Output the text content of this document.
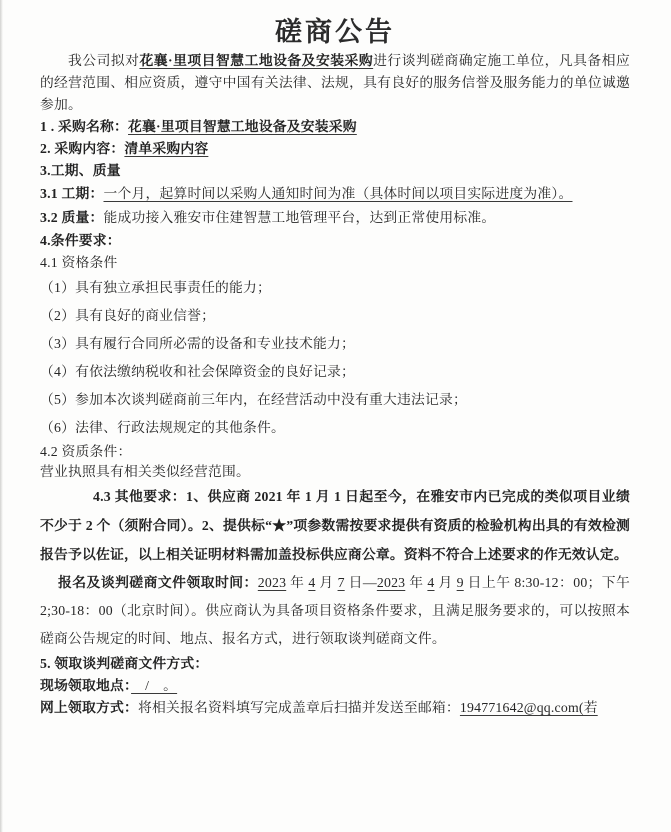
磋商公告

我公司拟对花襄·里项目智慧工地设备及安装采购进行谈判磋商确定施工单位，凡具备相应的经营范围、相应资质，遵守中国有关法律、法规，具有良好的服务信誉及服务能力的单位诚邀参加。

1 . 采购名称：花襄·里项目智慧工地设备及安装采购

2. 采购内容：清单采购内容

3.工期、质量

3.1 工期：一个月，起算时间以采购人通知时间为准（具体时间以项目实际进度为准）。

3.2 质量：能成功接入雅安市住建智慧工地管理平台，达到正常使用标准。

4.条件要求：

4.1 资格条件

（1）具有独立承担民事责任的能力；

（2）具有良好的商业信誉；

（3）具有履行合同所必需的设备和专业技术能力；

（4）有依法缴纳税收和社会保障资金的良好记录；

（5）参加本次谈判磋商前三年内，在经营活动中没有重大违法记录；

（6）法律、行政法规规定的其他条件。

4.2 资质条件：

营业执照具有相关类似经营范围。

4.3 其他要求：1、供应商 2021 年 1 月 1 日起至今，在雅安市内已完成的类似项目业绩不少于 2 个（须附合同）。2、提供标“★”项参数需按要求提供有资质的检验机构出具的有效检测报告予以佐证，以上相关证明材料需加盖投标供应商公章。资料不符合上述要求的作无效认定。

报名及谈判磋商文件领取时间：2023 年 4 月 7 日—2023 年 4 月 9 日上午 8:30-12：00；下午 2;30-18：00（北京时间）。供应商认为具备项目资格条件要求，且满足服务要求的，可以按照本磋商公告规定的时间、地点、报名方式，进行领取谈判磋商文件。

5. 领取谈判磋商文件方式：

现场领取地点：　/　。

网上领取方式：将相关报名资料填写完成盖章后扫描并发送至邮箱：194771642@qq.com(若
